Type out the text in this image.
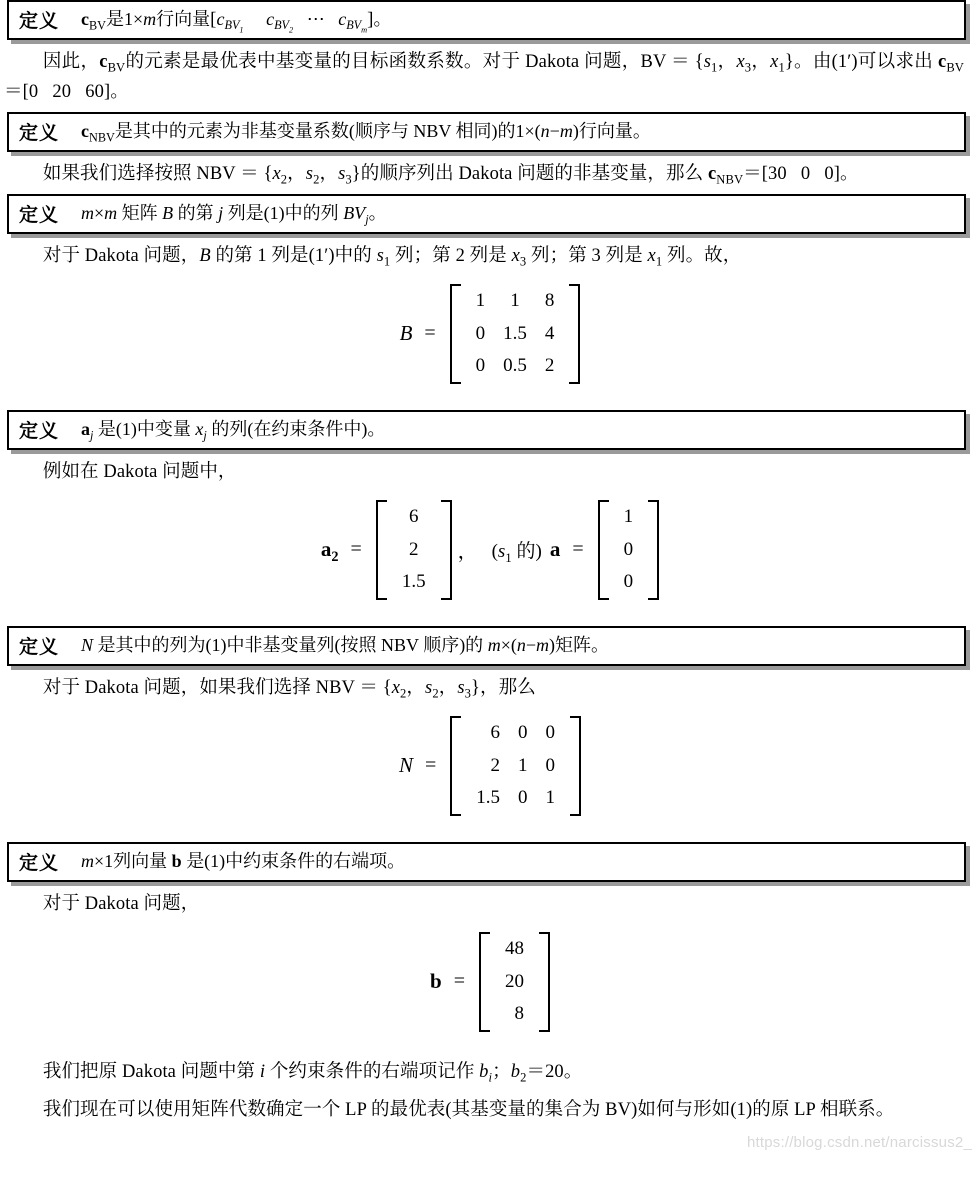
定义 $c_{BV}$是1×m行向量[$c_{BV_1}$     $c_{BV_2}$   ⋯   $c_{BV_m}$]。
因此，$c_{BV}$的元素是最优表中基变量的目标函数系数。对于 Dakota 问题，BV ＝ {$s_1$，$x_3$，$x_1$}。由(1′)可以求出 $c_{BV}=[0$   20   60]。
定义 $c_{NBV}$是其中的元素为非基变量系数(顺序与 NBV 相同)的1×(n−m)行向量。
如果我们选择按照 NBV ＝ {$x_2$，$s_2$，$s_3$}的顺序列出 Dakota 问题的非基变量，那么 $c_{NBV}=[30$   0   0]。
定义 m×m 矩阵 B 的第 j 列是(1)中的列 $BV_j$。
对于 Dakota 问题，B 的第 1 列是(1′)中的 $s_1$ 列；第 2 列是 $x_3$ 列；第 3 列是 $x_1$ 列。故，
B =
1	1	8
0 1.5 4
0 0.5 2
定义 $a_j$ 是(1)中变量 $x_j$ 的列(在约束条件中)。
例如在 Dakota 问题中，
$a_2$ =
6
2
1.5
， ($s_1$ 的) a =
1
0
0
定义 N 是其中的列为(1)中非基变量列(按照 NBV 顺序)的 m×(n−m)矩阵。
对于 Dakota 问题，如果我们选择 NBV ＝ {$x_2$，$s_2$，$s_3$}，那么
N =
6 0 0
2 1 0
1.5 0 1
定义 m×1列向量 b 是(1)中约束条件的右端项。
对于 Dakota 问题，
b =
48
20
8
我们把原 Dakota 问题中第 i 个约束条件的右端项记作 $b_i$；$b_2=20$。
我们现在可以使用矩阵代数确定一个 LP 的最优表(其基变量的集合为 BV)如何与形如(1)的原 LP 相联系。
https://blog.csdn.net/narcissus2_
